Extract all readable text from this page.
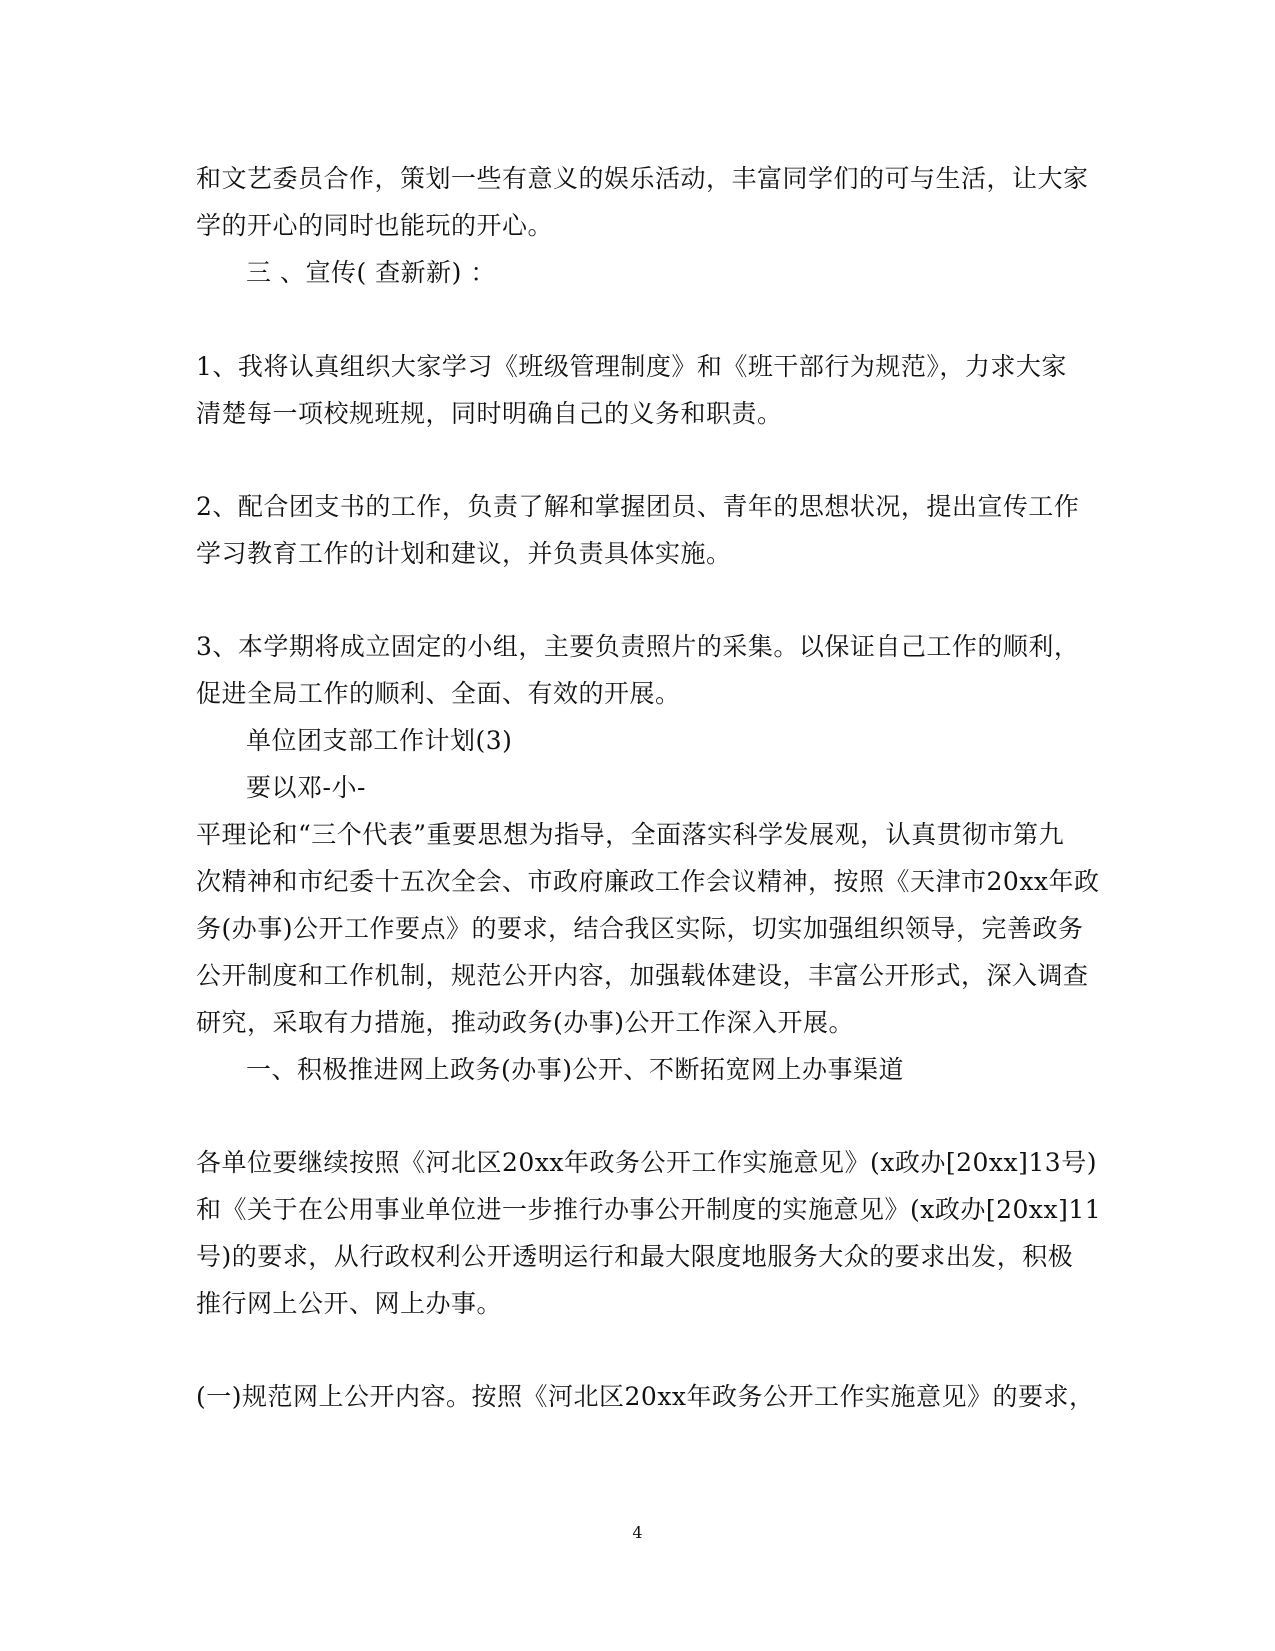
和文艺委员合作，策划一些有意义的娱乐活动，丰富同学们的可与生活，让大家
学的开心的同时也能玩的开心。
三 、宣传( 查新新) ：
1、我将认真组织大家学习《班级管理制度》和《班干部行为规范》，力求大家
清楚每一项校规班规，同时明确自己的义务和职责。
2、配合团支书的工作，负责了解和掌握团员、青年的思想状况，提出宣传工作
学习教育工作的计划和建议，并负责具体实施。
3、本学期将成立固定的小组，主要负责照片的采集。以保证自己工作的顺利，
促进全局工作的顺利、全面、有效的开展。
单位团支部工作计划(3)
要以邓-小-
平理论和“三个代表”重要思想为指导，全面落实科学发展观，认真贯彻市第九
次精神和市纪委十五次全会、市政府廉政工作会议精神，按照《天津市20xx年政
务(办事)公开工作要点》的要求，结合我区实际，切实加强组织领导，完善政务
公开制度和工作机制，规范公开内容，加强载体建设，丰富公开形式，深入调查
研究，采取有力措施，推动政务(办事)公开工作深入开展。
一、积极推进网上政务(办事)公开、不断拓宽网上办事渠道
各单位要继续按照《河北区20xx年政务公开工作实施意见》(x政办[20xx]13号)
和《关于在公用事业单位进一步推行办事公开制度的实施意见》(x政办[20xx]11
号)的要求，从行政权利公开透明运行和最大限度地服务大众的要求出发，积极
推行网上公开、网上办事。
(一)规范网上公开内容。按照《河北区20xx年政务公开工作实施意见》的要求，
4
